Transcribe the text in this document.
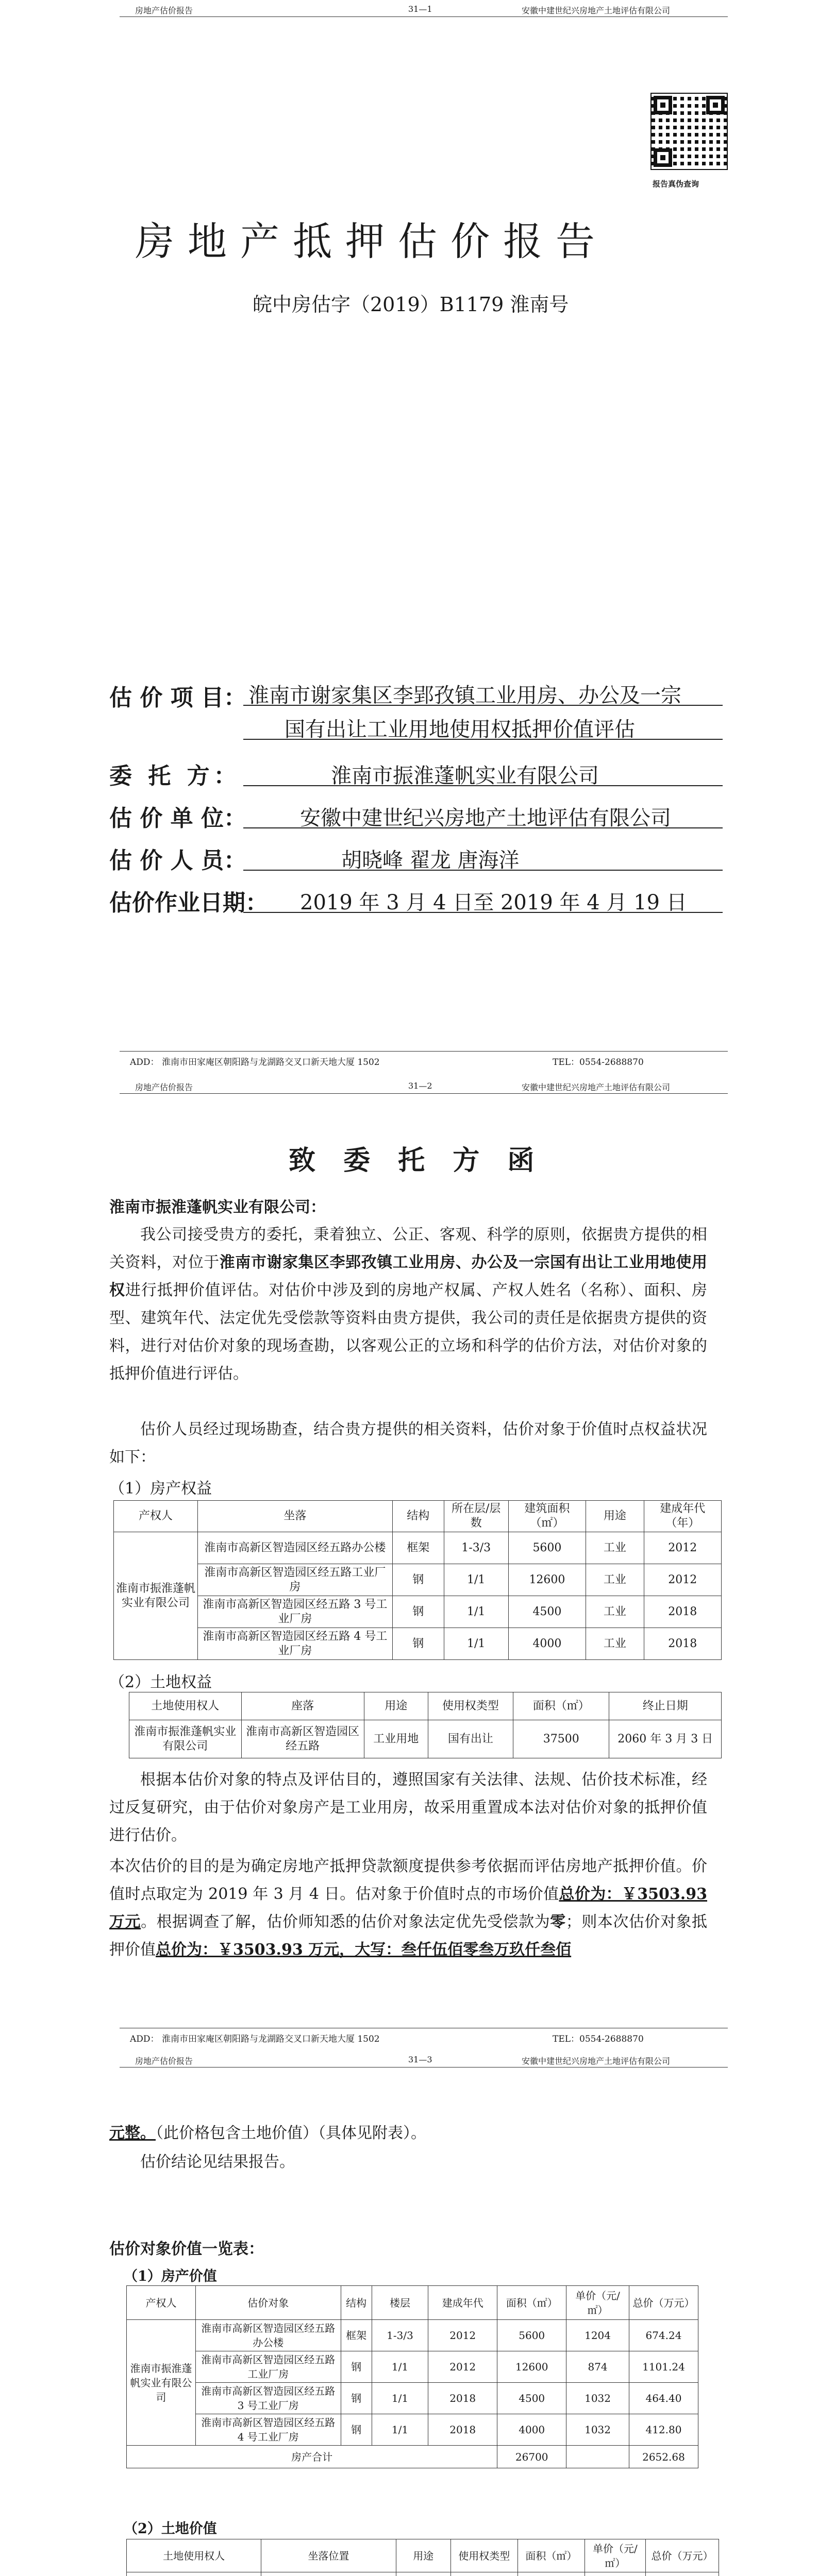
房地产估价报告	31—1	安徽中建世纪兴房地产土地评估有限公司
报告真伪查询
房地产抵押估价报告
皖中房估字（2019）B1179 淮南号
估 价 项 目： 淮南市谢家集区李郢孜镇工业用房、办公及一宗
国有出让工业用地使用权抵押价值评估
委 托 方：	淮南市振淮蓬帆实业有限公司
估 价 单 位：	安徽中建世纪兴房地产土地评估有限公司
估 价 人 员：	胡晓峰 翟龙 唐海洋
估价作业日期： 2019 年 3 月 4 日至 2019 年 4 月 19 日
ADD： 淮南市田家庵区朝阳路与龙湖路交叉口新天地大厦 1502	TEL：0554-2688870
房地产估价报告	31—2	安徽中建世纪兴房地产土地评估有限公司
致 委 托 方 函
淮南市振淮蓬帆实业有限公司：
我公司接受贵方的委托，秉着独立、公正、客观、科学的原则，依据贵方提供的相关资料，对位于淮南市谢家集区李郢孜镇工业用房、办公及一宗国有出让工业用地使用权进行抵押价值评估。对估价中涉及到的房地产权属、产权人姓名（名称）、面积、房型、建筑年代、法定优先受偿款等资料由贵方提供，我公司的责任是依据贵方提供的资料，进行对估价对象的现场查勘，以客观公正的立场和科学的估价方法，对估价对象的抵押价值进行评估。
估价人员经过现场勘查，结合贵方提供的相关资料，估价对象于价值时点权益状况如下：
（1）房产权益
产权人	坐落	结构	所在层/层数	建筑面积（㎡）	用途	建成年代（年）
淮南市振淮蓬帆实业有限公司	淮南市高新区智造园区经五路办公楼	框架	1-3/3	5600	工业	2012
	淮南市高新区智造园区经五路工业厂房	钢	1/1	12600	工业	2012
	淮南市高新区智造园区经五路 3 号工业厂房	钢	1/1	4500	工业	2018
	淮南市高新区智造园区经五路 4 号工业厂房	钢	1/1	4000	工业	2018
（2）土地权益
土地使用权人	座落	用途	使用权类型	面积（㎡）	终止日期
淮南市振淮蓬帆实业有限公司	淮南市高新区智造园区经五路	工业用地	国有出让	37500	2060 年 3 月 3 日
根据本估价对象的特点及评估目的，遵照国家有关法律、法规、估价技术标准，经过反复研究，由于估价对象房产是工业用房，故采用重置成本法对估价对象的抵押价值进行估价。
本次估价的目的是为确定房地产抵押贷款额度提供参考依据而评估房地产抵押价值。价值时点取定为 2019 年 3 月 4 日。估对象于价值时点的市场价值总价为：￥3503.93 万元。根据调查了解，估价师知悉的估价对象法定优先受偿款为零；则本次估价对象抵押价值总价为：￥3503.93 万元，大写：叁仟伍佰零叁万玖仟叁佰
ADD： 淮南市田家庵区朝阳路与龙湖路交叉口新天地大厦 1502	TEL：0554-2688870
房地产估价报告	31—3	安徽中建世纪兴房地产土地评估有限公司
元整。（此价格包含土地价值）（具体见附表）。
估价结论见结果报告。
估价对象价值一览表：
（1）房产价值
产权人	估价对象	结构	楼层	建成年代	面积（㎡）	单价（元/㎡）	总价（万元）
淮南市振淮蓬帆实业有限公司	淮南市高新区智造园区经五路办公楼	框架	1-3/3	2012	5600	1204	674.24
	淮南市高新区智造园区经五路工业厂房	钢	1/1	2012	12600	874	1101.24
	淮南市高新区智造园区经五路 3 号工业厂房	钢	1/1	2018	4500	1032	464.40
	淮南市高新区智造园区经五路 4 号工业厂房	钢	1/1	2018	4000	1032	412.80
房产合计					26700		2652.68
（2）土地价值
土地使用权人	坐落位置	用途	使用权类型	面积（㎡）	单价（元/㎡）	总价（万元）
